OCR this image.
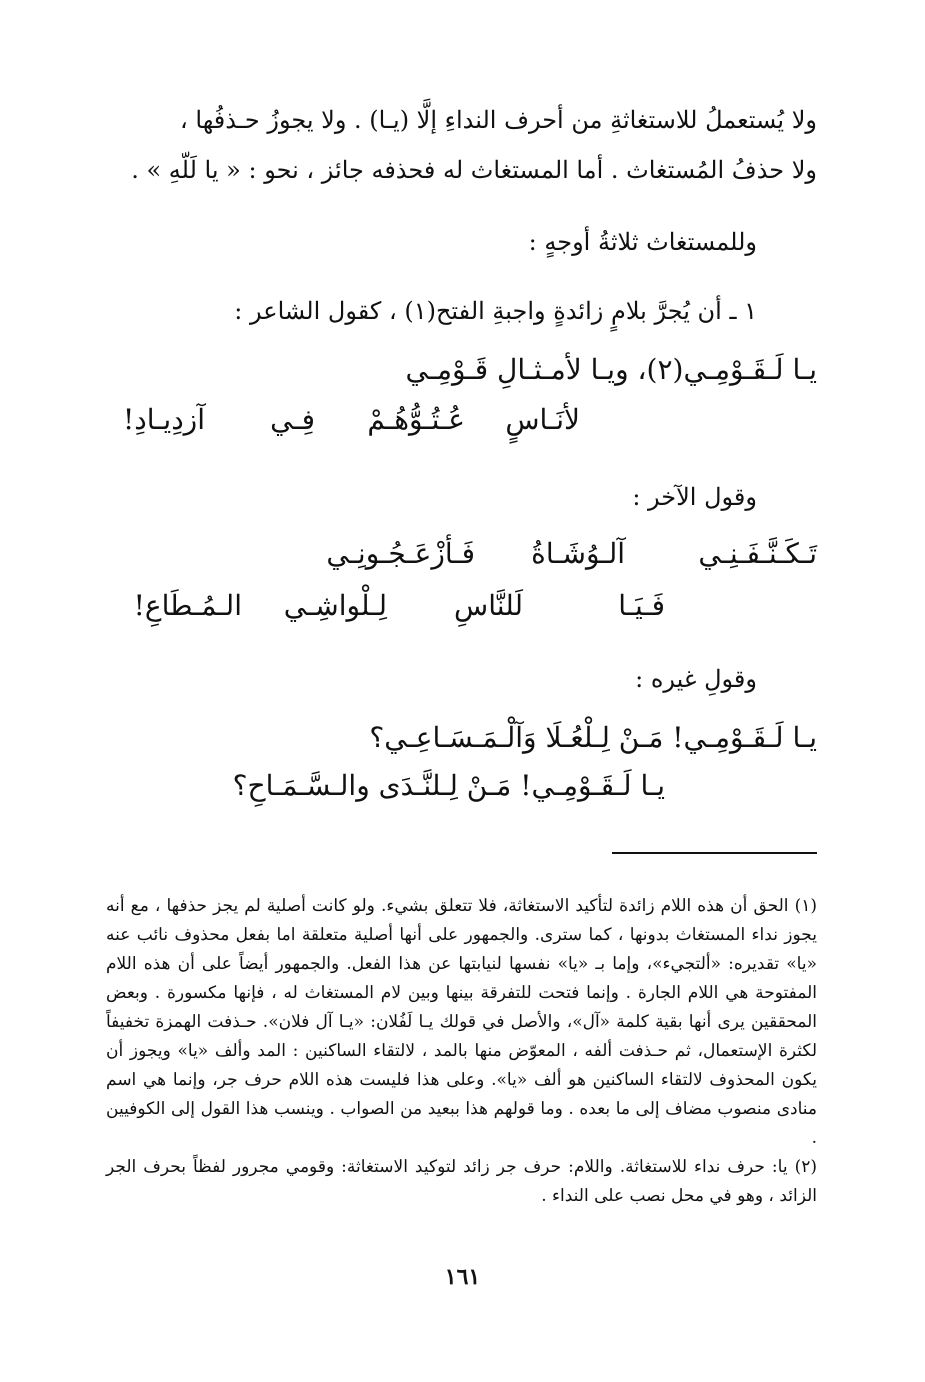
ولا يُستعملُ للاستغاثةِ من أحرف النداءِ إلَّا (يـا) . ولا يجوزُ حـذفُها ،
ولا حذفُ المُستغاث . أما المستغاث له فحذفه جائز ، نحو : « يا لَلّهِ » .
وللمستغاث ثلاثةُ أوجهٍ :
١ ـ أن يُجرَّ بلامٍ زائدةٍ واجبةِ الفتح(١) ، كقول الشاعر :
يـا لَـقَـوْمِـي(٢)، ويـا لأمـثـالِ قَـوْمِـي
لأنَـاسٍ
عُـتُـوُّهُـمْ
فِـي
آزدِيـادِ!
وقول الآخر :
تَـكَـنَّـفَـنِـي
آلـوُشَـاةُ
فَـأزْعَـجُـونِـي
فَـيَـا
لَلنَّاسِ
لِـلْواشِـي
الـمُـطَاعِ!
وقولِ غيره :
يـا لَـقَـوْمِـي! مَـنْ لِـلْعُـلَا وَآلْـمَـسَـاعِـي؟
يـا لَـقَـوْمِـي! مَـنْ لِـلنَّـدَى والـسَّـمَـاحِ؟

(١) الحق أن هذه اللام زائدة لتأكيد الاستغاثة، فلا تتعلق بشيء. ولو كانت أصلية لم يجز حذفها ، مع أنه يجوز نداء المستغاث بدونها ، كما سترى. والجمهور على أنها أصلية متعلقة اما بفعل محذوف نائب عنه «يا» تقديره: «ألتجيء»، وإما بـ «يا» نفسها لنيابتها عن هذا الفعل. والجمهور أيضاً على أن هذه اللام المفتوحة هي اللام الجارة . وإنما فتحت للتفرقة بينها وبين لام المستغاث له ، فإنها مكسورة . وبعض المحققين يرى أنها بقية كلمة «آل»، والأصل في قولك يـا لَفُلان: «يـا آل فلان». حـذفت الهمزة تخفيفاً لكثرة الإستعمال، ثم حـذفت ألفه ، المعوّض منها بالمد ، لالتقاء الساكنين : المد وألف «يا» ويجوز أن يكون المحذوف لالتقاء الساكنين هو ألف «يا». وعلى هذا فليست هذه اللام حرف جر، وإنما هي اسم منادى منصوب مضاف إلى ما بعده . وما قولهم هذا ببعيد من الصواب . وينسب هذا القول إلى الكوفيين .

(٢) يا: حرف نداء للاستغاثة. واللام: حرف جر زائد لتوكيد الاستغاثة: وقومي مجرور لفظاً بحرف الجر الزائد ، وهو في محل نصب على النداء .

١٦١
